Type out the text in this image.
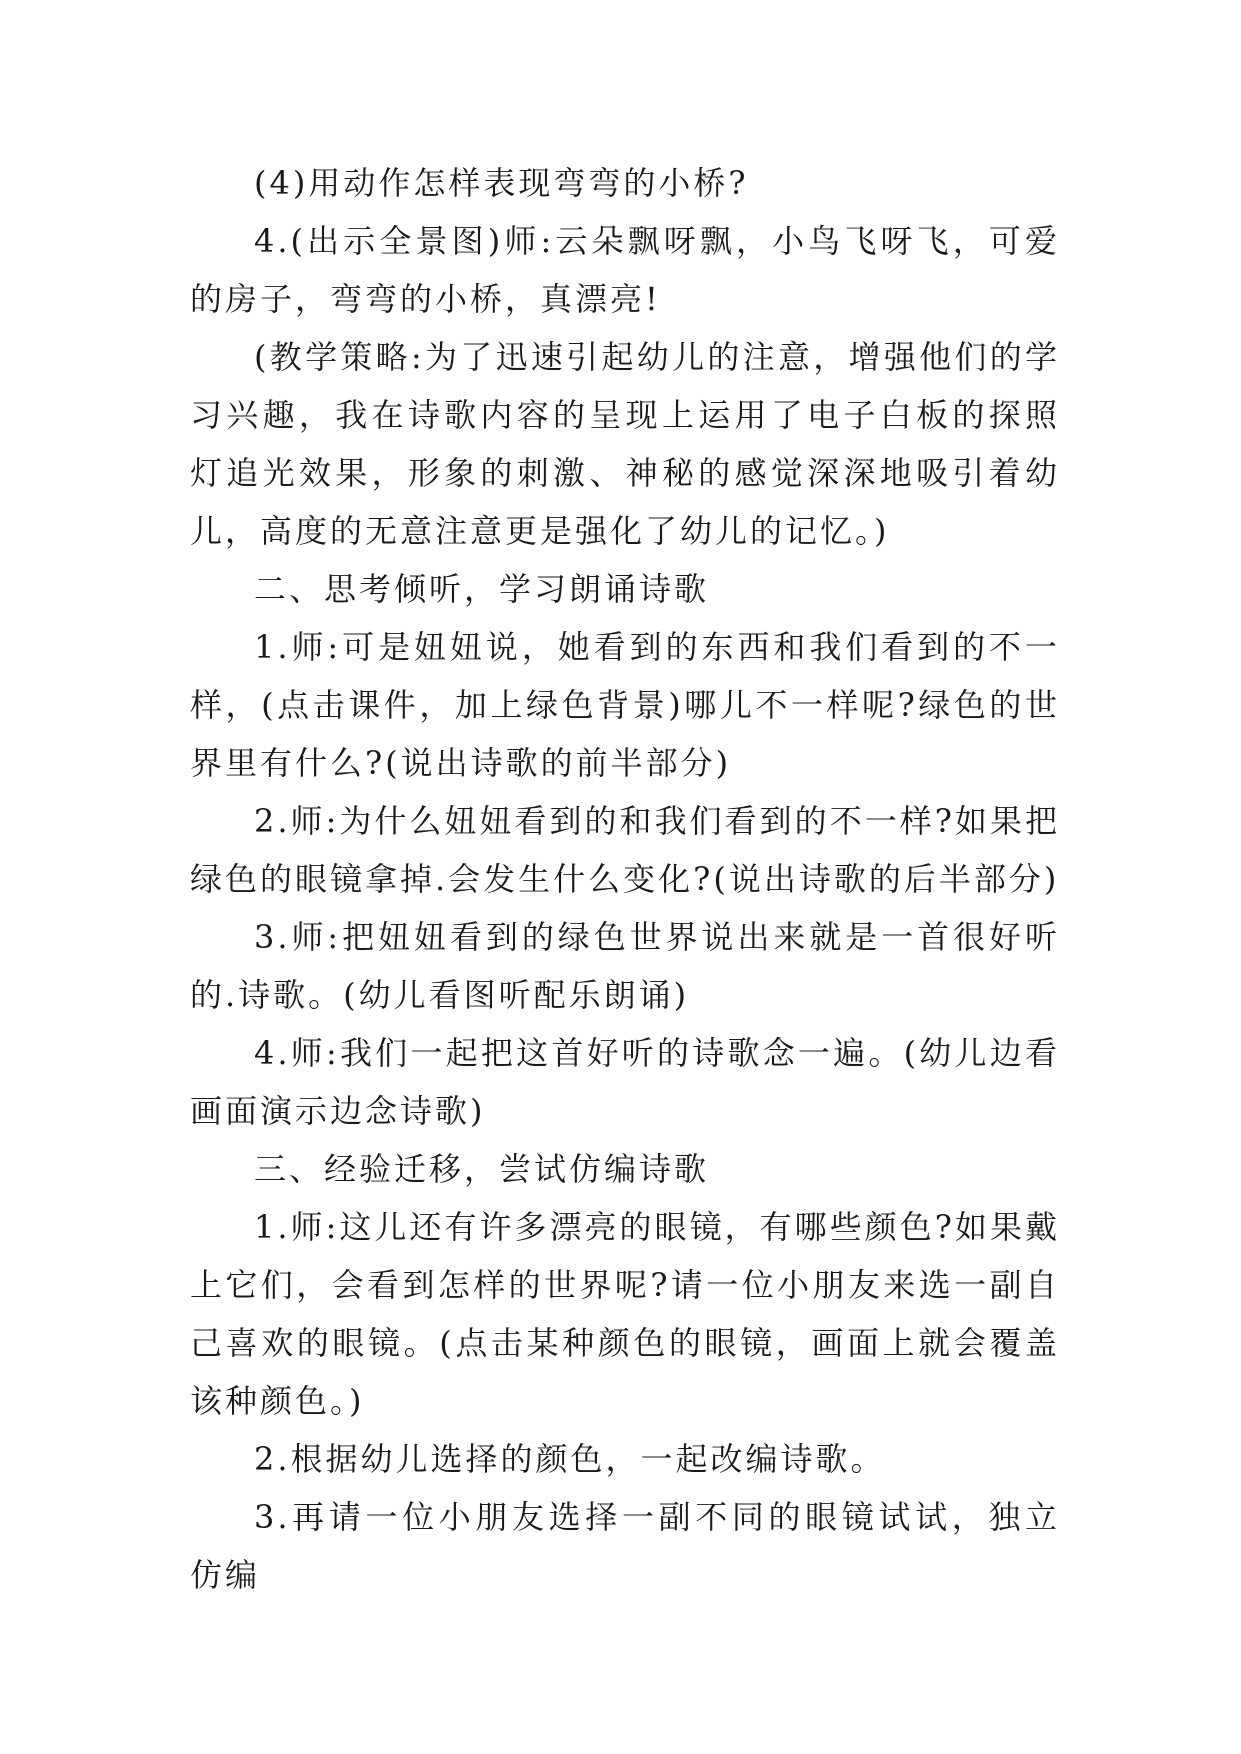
(4)用动作怎样表现弯弯的小桥?

4.(出示全景图)师:云朵飘呀飘，小鸟飞呀飞，可爱的房子，弯弯的小桥，真漂亮!

(教学策略:为了迅速引起幼儿的注意，增强他们的学习兴趣，我在诗歌内容的呈现上运用了电子白板的探照灯追光效果，形象的刺激、神秘的感觉深深地吸引着幼儿，高度的无意注意更是强化了幼儿的记忆。)

二、思考倾听，学习朗诵诗歌

1.师:可是妞妞说，她看到的东西和我们看到的不一样，(点击课件，加上绿色背景)哪儿不一样呢?绿色的世界里有什么?(说出诗歌的前半部分)

2.师:为什么妞妞看到的和我们看到的不一样?如果把绿色的眼镜拿掉.会发生什么变化?(说出诗歌的后半部分)

3.师:把妞妞看到的绿色世界说出来就是一首很好听的.诗歌。(幼儿看图听配乐朗诵)

4.师:我们一起把这首好听的诗歌念一遍。(幼儿边看画面演示边念诗歌)

三、经验迁移，尝试仿编诗歌

1.师:这儿还有许多漂亮的眼镜，有哪些颜色?如果戴上它们，会看到怎样的世界呢?请一位小朋友来选一副自己喜欢的眼镜。(点击某种颜色的眼镜，画面上就会覆盖该种颜色。)

2.根据幼儿选择的颜色，一起改编诗歌。

3.再请一位小朋友选择一副不同的眼镜试试，独立仿编
